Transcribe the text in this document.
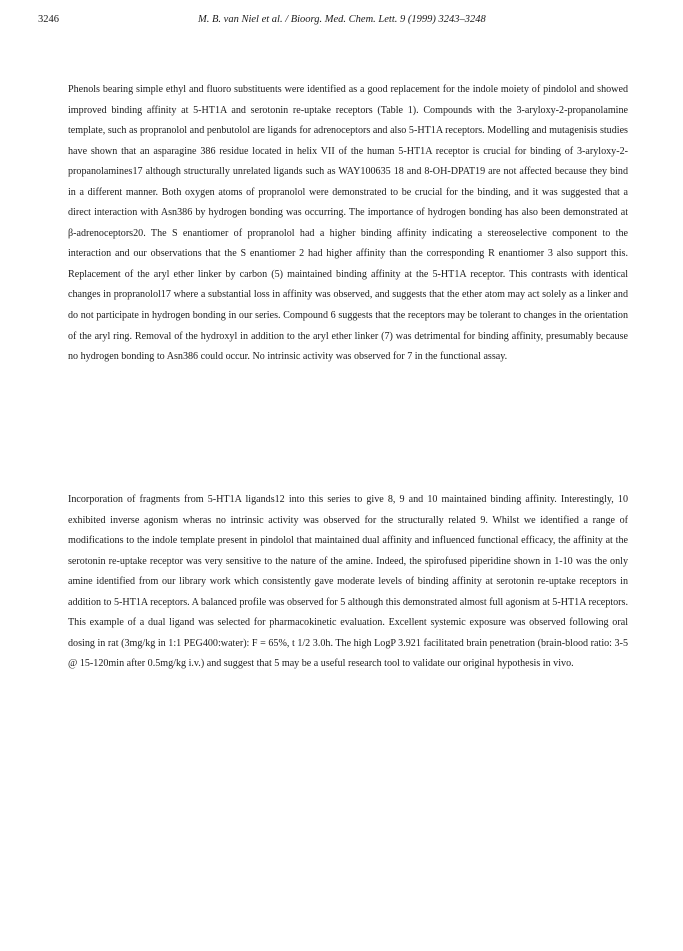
3246	M. B. van Niel et al. / Bioorg. Med. Chem. Lett. 9 (1999) 3243–3248

Phenols bearing simple ethyl and fluoro substituents were identified as a good replacement for the indole moiety of pindolol and showed improved binding affinity at 5-HT1A and serotonin re-uptake receptors (Table 1). Compounds with the 3-aryloxy-2-propanolamine template, such as propranolol and penbutolol are ligands for adrenoceptors and also 5-HT1A receptors. Modelling and mutagenisis studies have shown that an asparagine 386 residue located in helix VII of the human 5-HT1A receptor is crucial for binding of 3-aryloxy-2-propanolamines17 although structurally unrelated ligands such as WAY100635 18 and 8-OH-DPAT19 are not affected because they bind in a different manner. Both oxygen atoms of propranolol were demonstrated to be crucial for the binding, and it was suggested that a direct interaction with Asn386 by hydrogen bonding was occurring. The importance of hydrogen bonding has also been demonstrated at β-adrenoceptors20. The S enantiomer of propranolol had a higher binding affinity indicating a stereoselective component to the interaction and our observations that the S enantiomer 2 had higher affinity than the corresponding R enantiomer 3 also support this. Replacement of the aryl ether linker by carbon (5) maintained binding affinity at the 5-HT1A receptor. This contrasts with identical changes in propranolol17 where a substantial loss in affinity was observed, and suggests that the ether atom may act solely as a linker and do not participate in hydrogen bonding in our series. Compound 6 suggests that the receptors may be tolerant to changes in the orientation of the aryl ring. Removal of the hydroxyl in addition to the aryl ether linker (7) was detrimental for binding affinity, presumably because no hydrogen bonding to Asn386 could occur. No intrinsic activity was observed for 7 in the functional assay.

Incorporation of fragments from 5-HT1A ligands12 into this series to give 8, 9 and 10 maintained binding affinity. Interestingly, 10 exhibited inverse agonism wheras no intrinsic activity was observed for the structurally related 9. Whilst we identified a range of modifications to the indole template present in pindolol that maintained dual affinity and influenced functional efficacy, the affinity at the serotonin re-uptake receptor was very sensitive to the nature of the amine. Indeed, the spirofused piperidine shown in 1-10 was the only amine identified from our library work which consistently gave moderate levels of binding affinity at serotonin re-uptake receptors in addition to 5-HT1A receptors. A balanced profile was observed for 5 although this demonstrated almost full agonism at 5-HT1A receptors. This example of a dual ligand was selected for pharmacokinetic evaluation. Excellent systemic exposure was observed following oral dosing in rat (3mg/kg in 1:1 PEG400:water): F = 65%, t 1/2 3.0h. The high LogP 3.921 facilitated brain penetration (brain-blood ratio: 3-5 @ 15-120min after 0.5mg/kg i.v.) and suggest that 5 may be a useful research tool to validate our original hypothesis in vivo.
